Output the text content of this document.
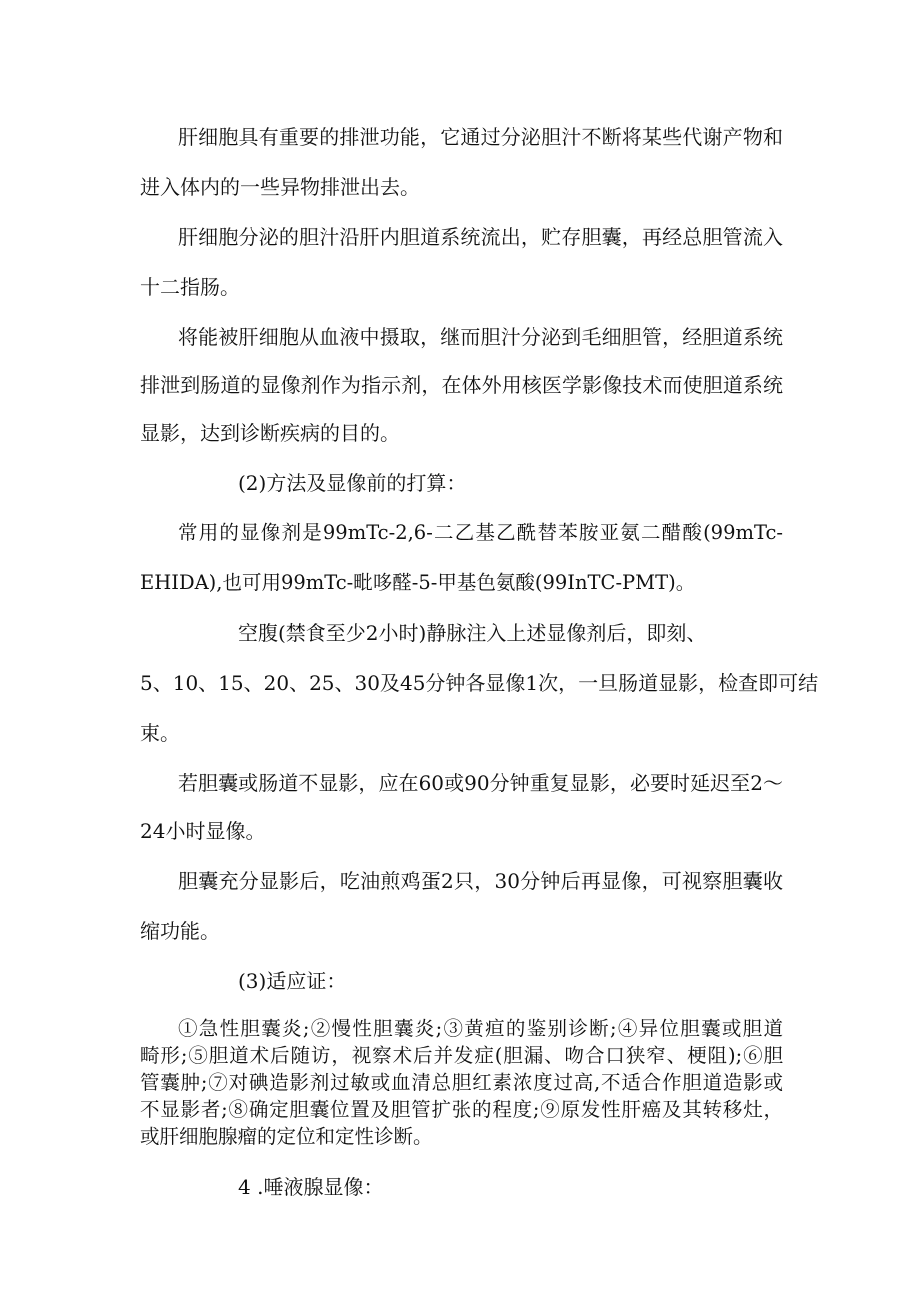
肝细胞具有重要的排泄功能，它通过分泌胆汁不断将某些代谢产物和

进入体内的一些异物排泄出去。

肝细胞分泌的胆汁沿肝内胆道系统流出，贮存胆囊，再经总胆管流入

十二指肠。

将能被肝细胞从血液中摄取，继而胆汁分泌到毛细胆管，经胆道系统

排泄到肠道的显像剂作为指示剂，在体外用核医学影像技术而使胆道系统

显影，达到诊断疾病的目的。

(2)方法及显像前的打算：

常用的显像剂是99mTc-2,6-二乙基乙酰替苯胺亚氨二醋酸(99mTc-

EHIDA),也可用99mTc-毗哆醛-5-甲基色氨酸(99InTC-PMT)。

空腹(禁食至少2小时)静脉注入上述显像剂后，即刻、

5、10、15、20、25、30及45分钟各显像1次，一旦肠道显影，检查即可结

束。

若胆囊或肠道不显影，应在60或90分钟重复显影，必要时延迟至2～

24小时显像。

胆囊充分显影后，吃油煎鸡蛋2只，30分钟后再显像，可视察胆囊收

缩功能。

(3)适应证：

①急性胆囊炎;②慢性胆囊炎;③黄疸的鉴别诊断;④异位胆囊或胆道

畸形;⑤胆道术后随访，视察术后并发症(胆漏、吻合口狭窄、梗阻);⑥胆

管囊肿;⑦对碘造影剂过敏或血清总胆红素浓度过高,不适合作胆道造影或

不显影者;⑧确定胆囊位置及胆管扩张的程度;⑨原发性肝癌及其转移灶，

或肝细胞腺瘤的定位和定性诊断。

4 .唾液腺显像：
